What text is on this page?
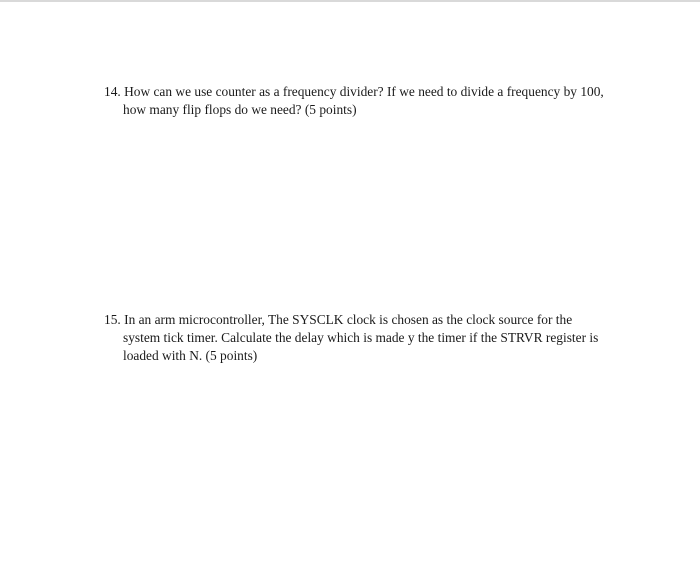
14. How can we use counter as a frequency divider? If we need to divide a frequency by 100,
how many flip flops do we need? (5 points)
15. In an arm microcontroller, The SYSCLK clock is chosen as the clock source for the
system tick timer. Calculate the delay which is made y the timer if the STRVR register is
loaded with N. (5 points)
